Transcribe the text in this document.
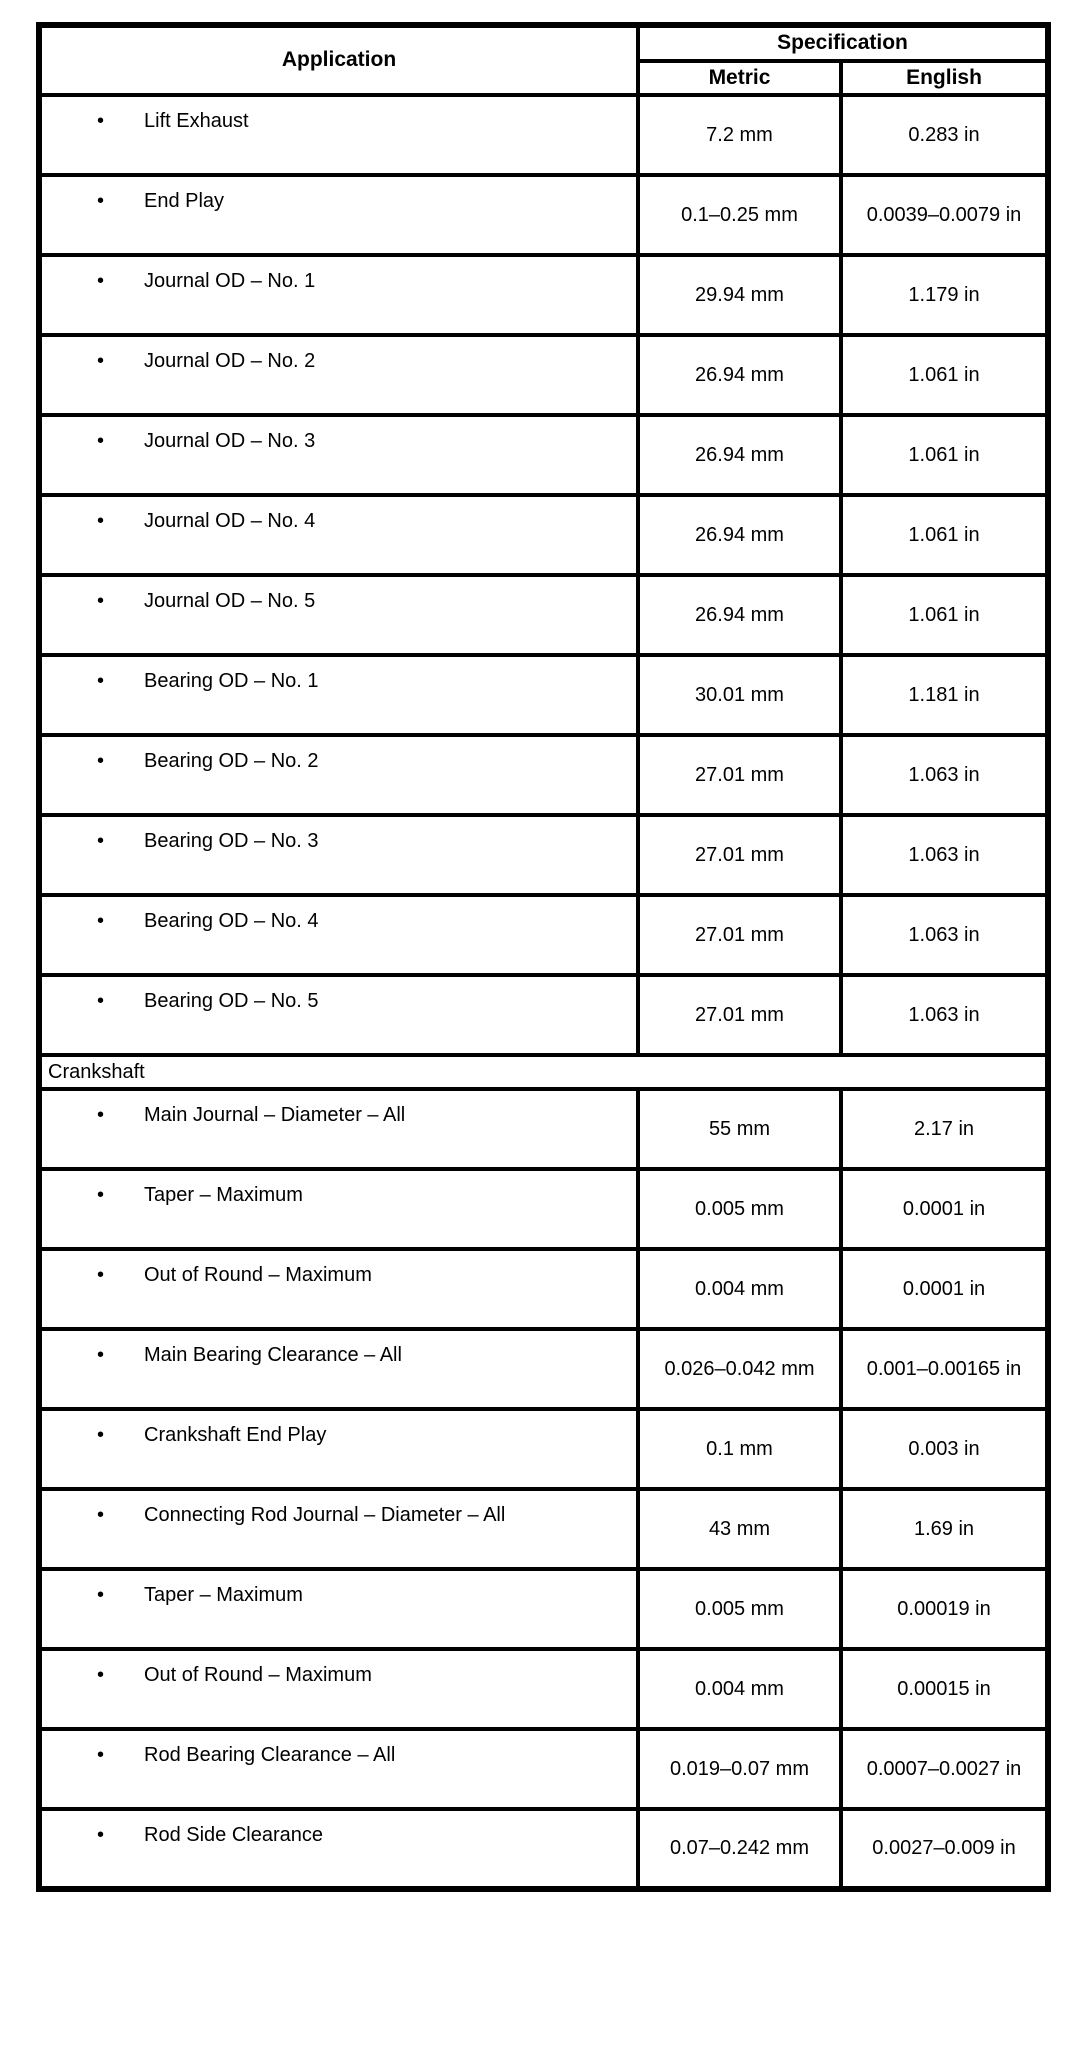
Application	Specification	
	Metric	English
• Lift Exhaust	7.2 mm	0.283 in
• End Play	0.1–0.25 mm	0.0039–0.0079 in
• Journal OD – No. 1	29.94 mm	1.179 in
• Journal OD – No. 2	26.94 mm	1.061 in
• Journal OD – No. 3	26.94 mm	1.061 in
• Journal OD – No. 4	26.94 mm	1.061 in
• Journal OD – No. 5	26.94 mm	1.061 in
• Bearing OD – No. 1	30.01 mm	1.181 in
• Bearing OD – No. 2	27.01 mm	1.063 in
• Bearing OD – No. 3	27.01 mm	1.063 in
• Bearing OD – No. 4	27.01 mm	1.063 in
• Bearing OD – No. 5	27.01 mm	1.063 in
Crankshaft		
• Main Journal – Diameter – All	55 mm	2.17 in
• Taper – Maximum	0.005 mm	0.0001 in
• Out of Round – Maximum	0.004 mm	0.0001 in
• Main Bearing Clearance – All	0.026–0.042 mm	0.001–0.00165 in
• Crankshaft End Play	0.1 mm	0.003 in
• Connecting Rod Journal – Diameter – All	43 mm	1.69 in
• Taper – Maximum	0.005 mm	0.00019 in
• Out of Round – Maximum	0.004 mm	0.00015 in
• Rod Bearing Clearance – All	0.019–0.07 mm	0.0007–0.0027 in
• Rod Side Clearance	0.07–0.242 mm	0.0027–0.009 in
